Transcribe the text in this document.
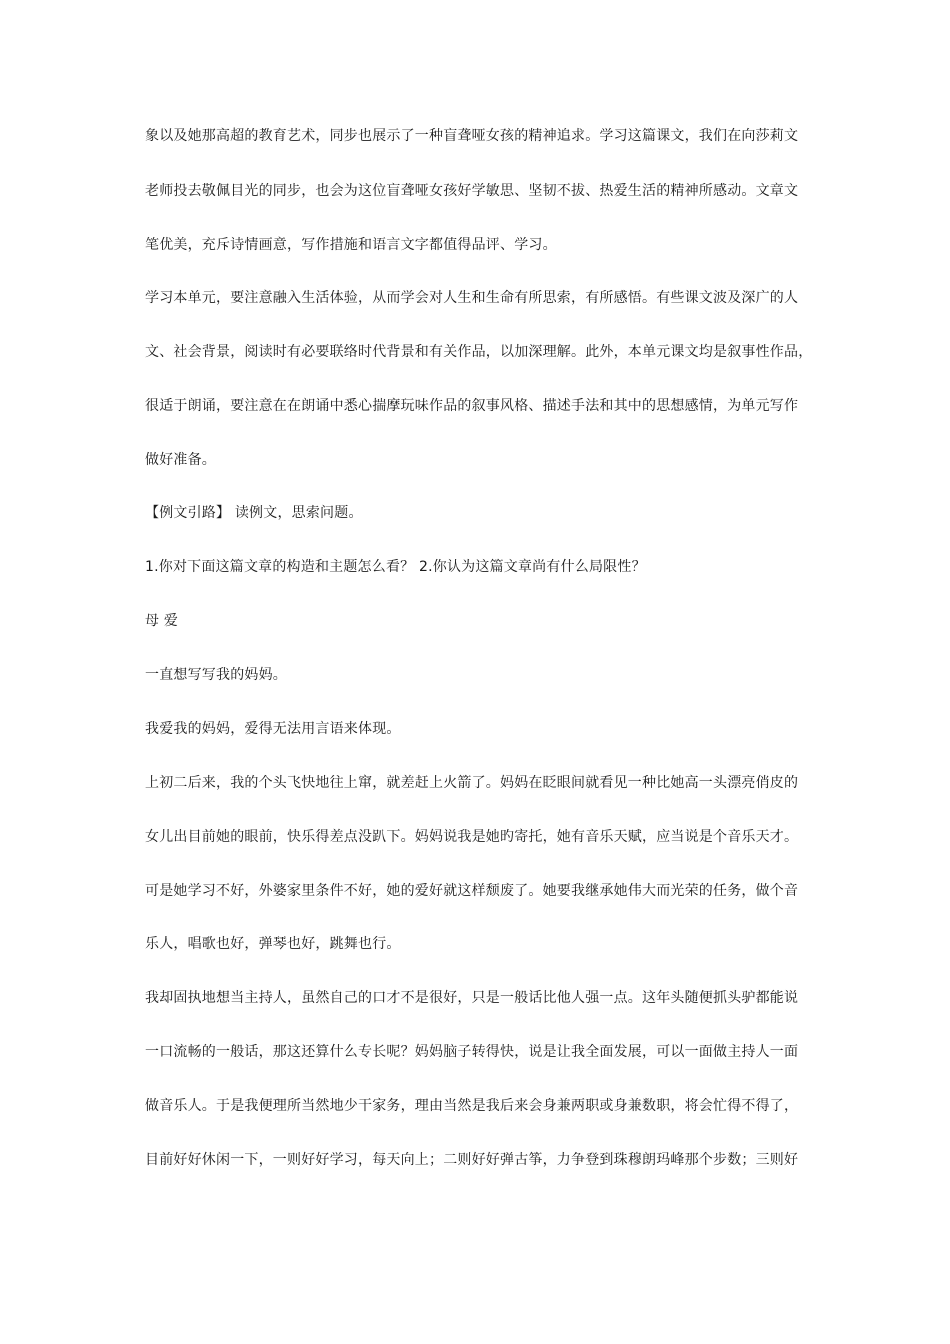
象以及她那高超的教育艺术，同步也展示了一种盲聋哑女孩的精神追求。学习这篇课文，我们在向莎莉文
老师投去敬佩目光的同步，也会为这位盲聋哑女孩好学敏思、坚韧不拔、热爱生活的精神所感动。文章文
笔优美，充斥诗情画意，写作措施和语言文字都值得品评、学习。
学习本单元，要注意融入生活体验，从而学会对人生和生命有所思索，有所感悟。有些课文波及深广的人
文、社会背景，阅读时有必要联络时代背景和有关作品，以加深理解。此外，本单元课文均是叙事性作品，
很适于朗诵，要注意在在朗诵中悉心揣摩玩味作品的叙事风格、描述手法和其中的思想感情，为单元写作
做好准备。
【例文引路】 读例文，思索问题。
1.你对下面这篇文章的构造和主题怎么看？ 2.你认为这篇文章尚有什么局限性？
母 爱
一直想写写我的妈妈。
我爱我的妈妈，爱得无法用言语来体现。
上初二后来，我的个头飞快地往上窜，就差赶上火箭了。妈妈在眨眼间就看见一种比她高一头漂亮俏皮的
女儿出目前她的眼前，快乐得差点没趴下。妈妈说我是她旳寄托，她有音乐天赋，应当说是个音乐天才。
可是她学习不好，外婆家里条件不好，她的爱好就这样颓废了。她要我继承她伟大而光荣的任务，做个音
乐人，唱歌也好，弹琴也好，跳舞也行。
我却固执地想当主持人，虽然自己的口才不是很好，只是一般话比他人强一点。这年头随便抓头驴都能说
一口流畅的一般话，那这还算什么专长呢？妈妈脑子转得快，说是让我全面发展，可以一面做主持人一面
做音乐人。于是我便理所当然地少干家务，理由当然是我后来会身兼两职或身兼数职，将会忙得不得了，
目前好好休闲一下，一则好好学习，每天向上；二则好好弹古筝，力争登到珠穆朗玛峰那个步数；三则好
